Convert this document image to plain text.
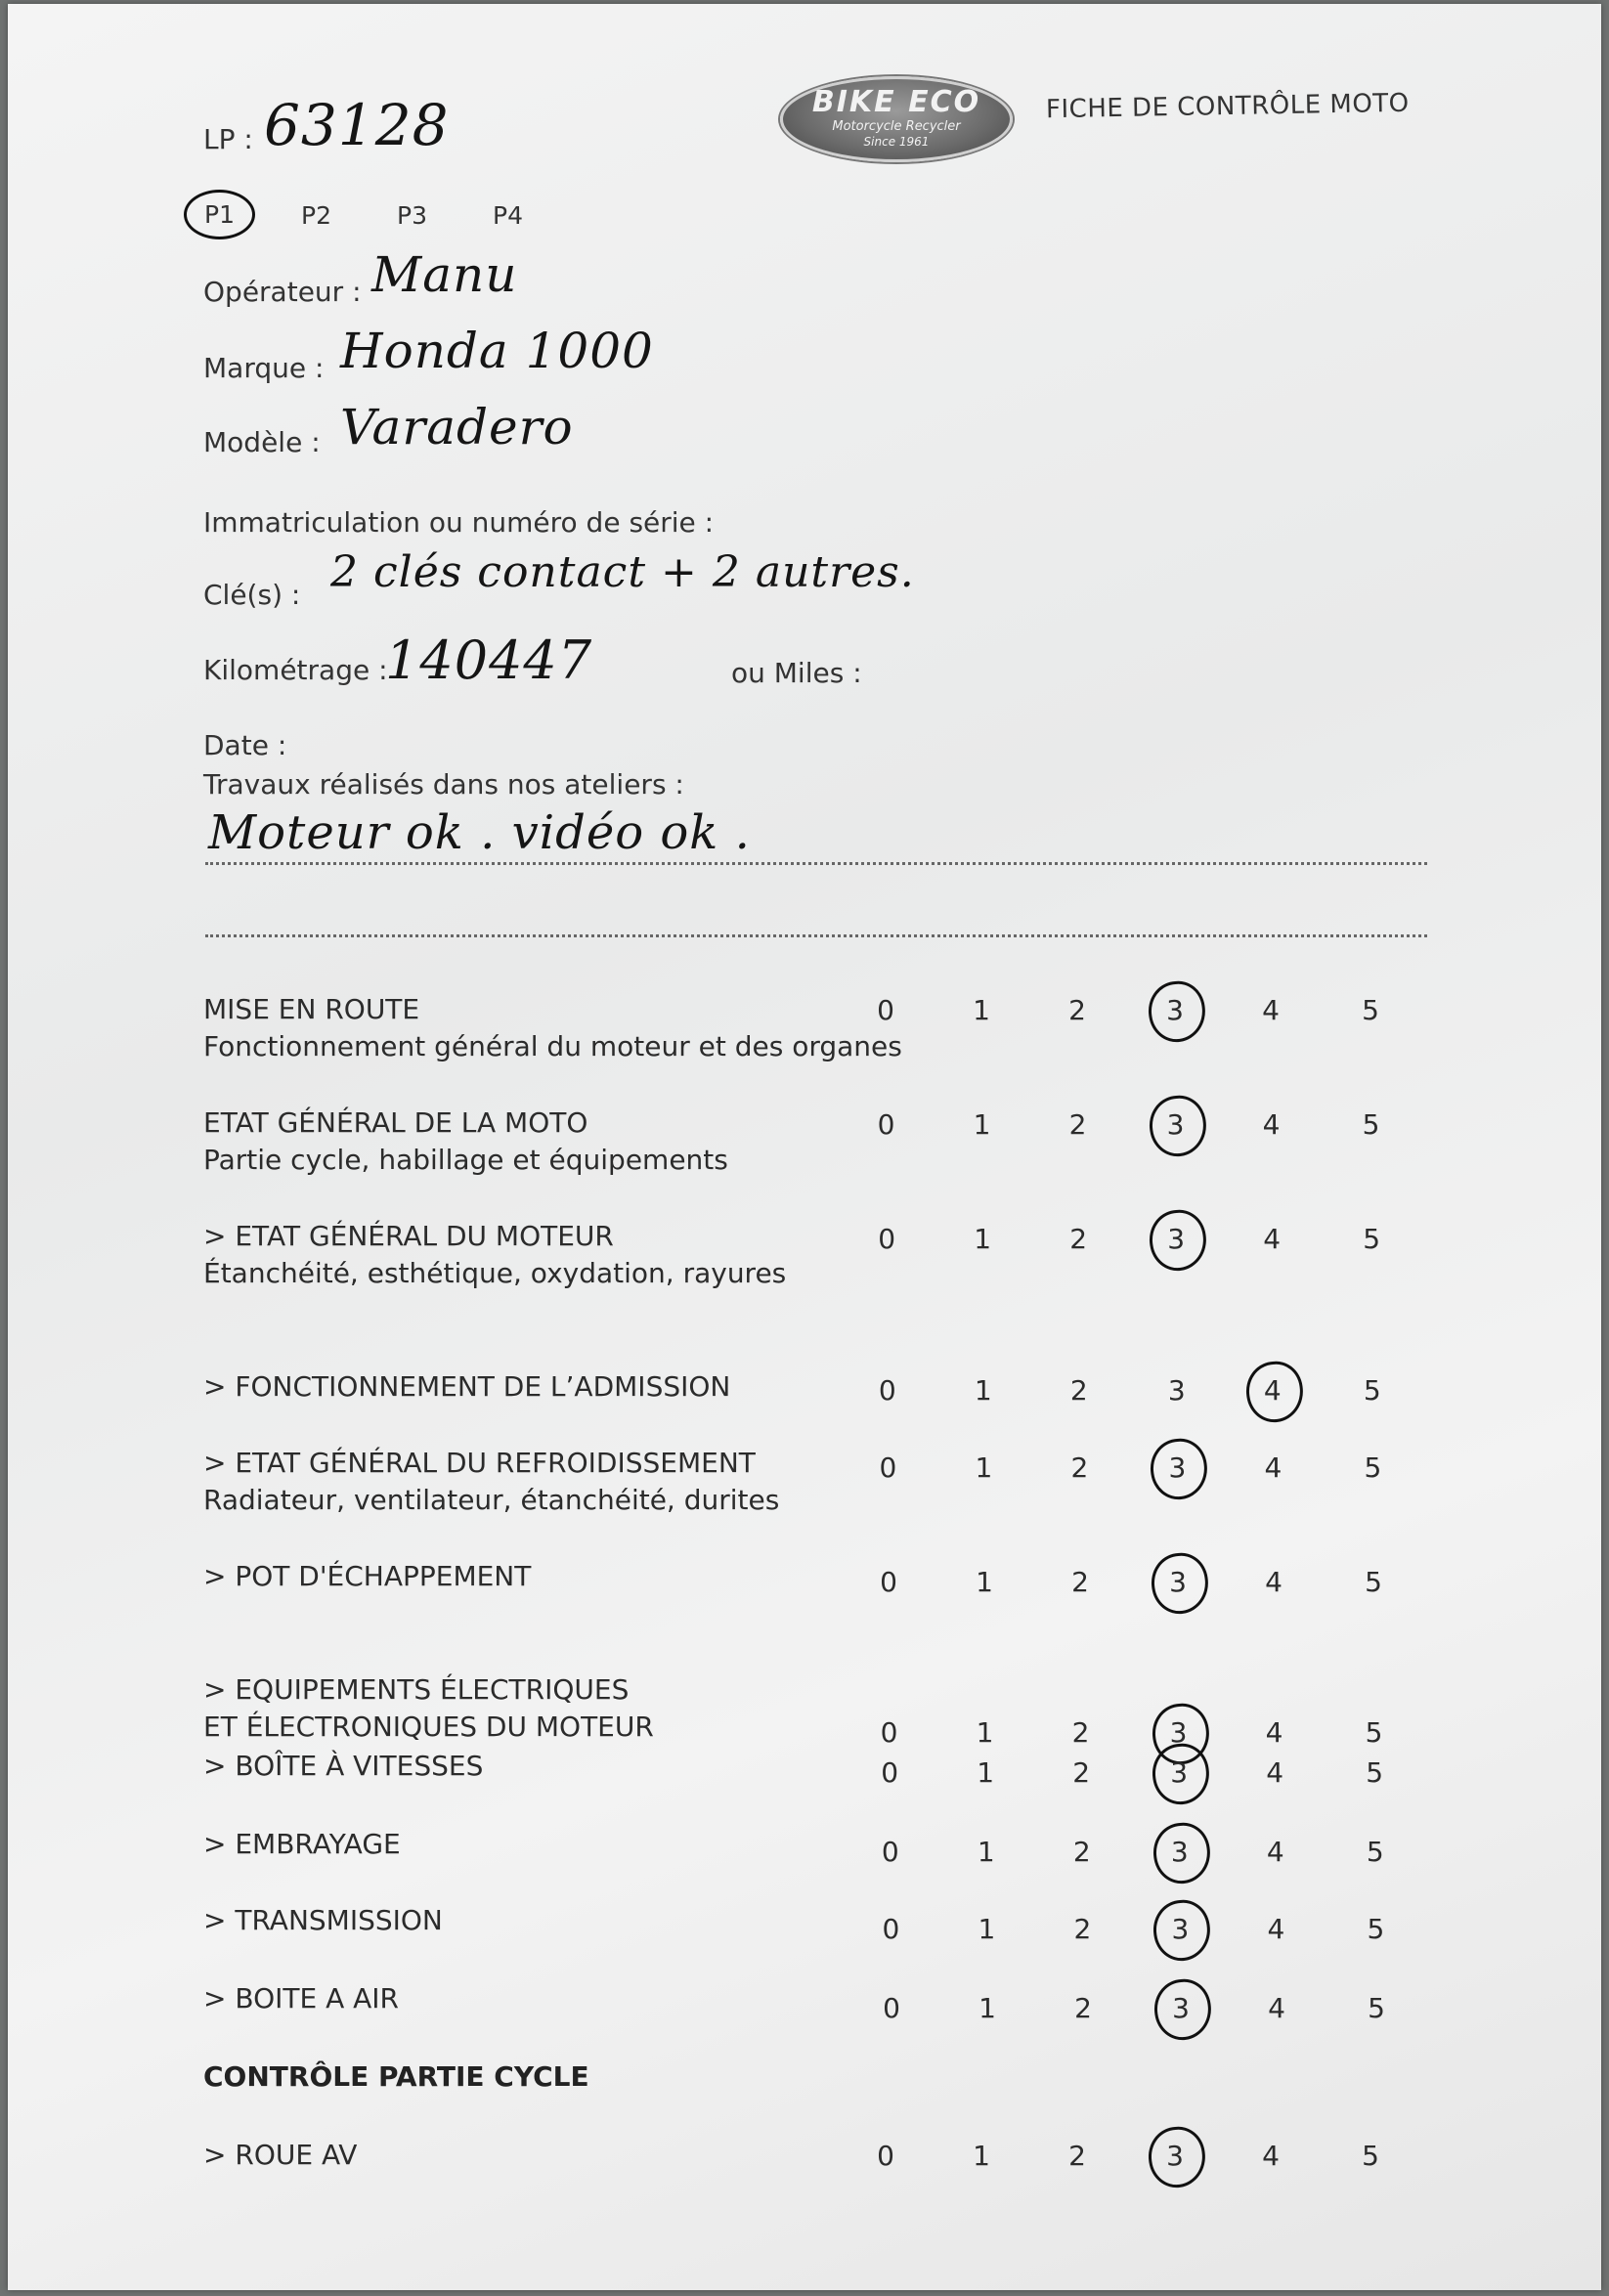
LP : 63128	BIKE ECO
Motorcycle Recycler
Since 1961
FICHE DE CONTRÔLE MOTO
P1	P2	P3	P4
Opérateur : Manu
Marque : Honda 1000
Modèle : Varadero
Immatriculation ou numéro de série :
Clé(s) : 2 clés contact + 2 autres.
Kilométrage :
140447	ou Miles :
Date :
Travaux réalisés dans nos ateliers :
Moteur ok . vidéo ok .
MISE EN ROUTE
Fonctionnement général du moteur et des organes
0	1	2	3	4	5
ETAT GÉNÉRAL DE LA MOTO
Partie cycle, habillage et équipements
0	1	2	3	4	5
> ETAT GÉNÉRAL DU MOTEUR
Étanchéité, esthétique, oxydation, rayures
0	1	2	3	4	5
> FONCTIONNEMENT DE L’ADMISSION	0	1	2	3	4	5
> ETAT GÉNÉRAL DU REFROIDISSEMENT
Radiateur, ventilateur, étanchéité, durites
0	1	2	3	4	5
> POT D'ÉCHAPPEMENT	0	1	2	3	4	5
> EQUIPEMENTS ÉLECTRIQUES
ET ÉLECTRONIQUES DU MOTEUR	0	1	2	3	4	5
> BOÎTE À VITESSES	0	1	2	3	4	5
> EMBRAYAGE	0	1	2	3	4	5
> TRANSMISSION	0	1	2	3	4	5
> BOITE A AIR	0	1	2	3	4	5
CONTRÔLE PARTIE CYCLE
> ROUE AV	0	1	2	3	4	5
